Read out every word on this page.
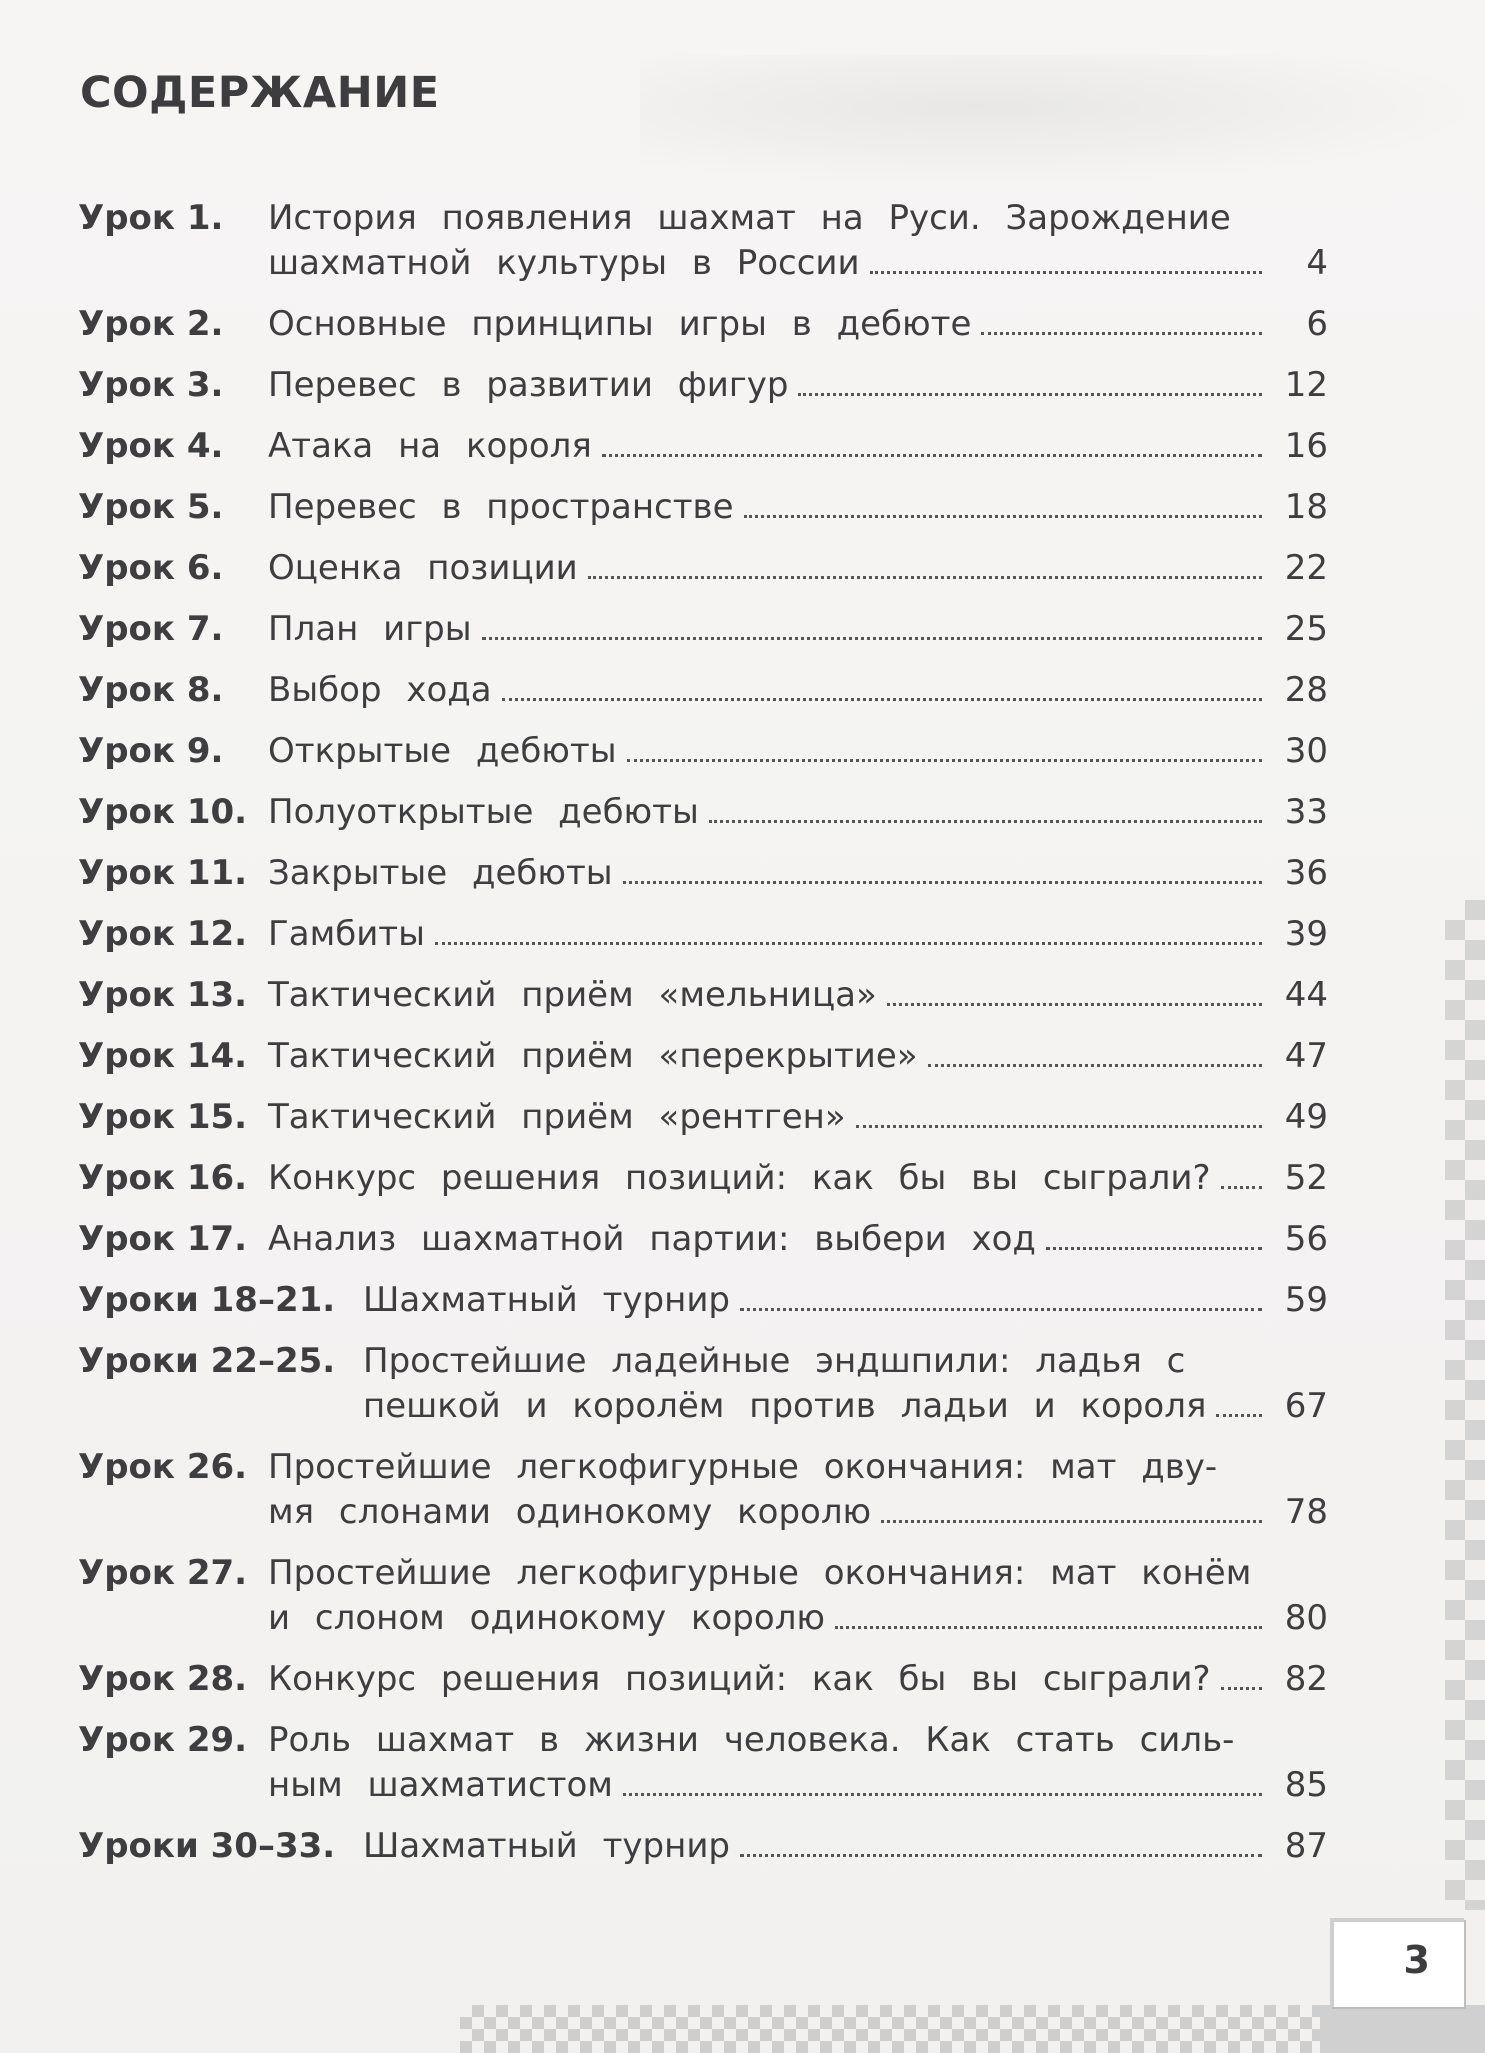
СОДЕРЖАНИЕ
Урок 1. История появления шахмат на Руси. Зарождение
шахматной культуры в России	4
Урок 2. Основные принципы игры в дебюте	6
Урок 3. Перевес в развитии фигур	12
Урок 4. Атака на короля	16
Урок 5. Перевес в пространстве	18
Урок 6. Оценка позиции	22
Урок 7. План игры	25
Урок 8. Выбор хода	28
Урок 9. Открытые дебюты	30
Урок 10. Полуоткрытые дебюты	33
Урок 11. Закрытые дебюты	36
Урок 12. Гамбиты	39
Урок 13. Тактический приём «мельница»	44
Урок 14. Тактический приём «перекрытие»	47
Урок 15. Тактический приём «рентген»	49
Урок 16. Конкурс решения позиций: как бы вы сыграли?	52
Урок 17. Анализ шахматной партии: выбери ход	56
Уроки 18–21. Шахматный турнир	59
Уроки 22–25. Простейшие ладейные эндшпили: ладья с
пешкой и королём против ладьи и короля	67
Урок 26. Простейшие легкофигурные окончания: мат дву-
мя слонами одинокому королю	78
Урок 27. Простейшие легкофигурные окончания: мат конём
и слоном одинокому королю	80
Урок 28. Конкурс решения позиций: как бы вы сыграли?	82
Урок 29. Роль шахмат в жизни человека. Как стать силь-
ным шахматистом	85
Уроки 30–33. Шахматный турнир	87
3
